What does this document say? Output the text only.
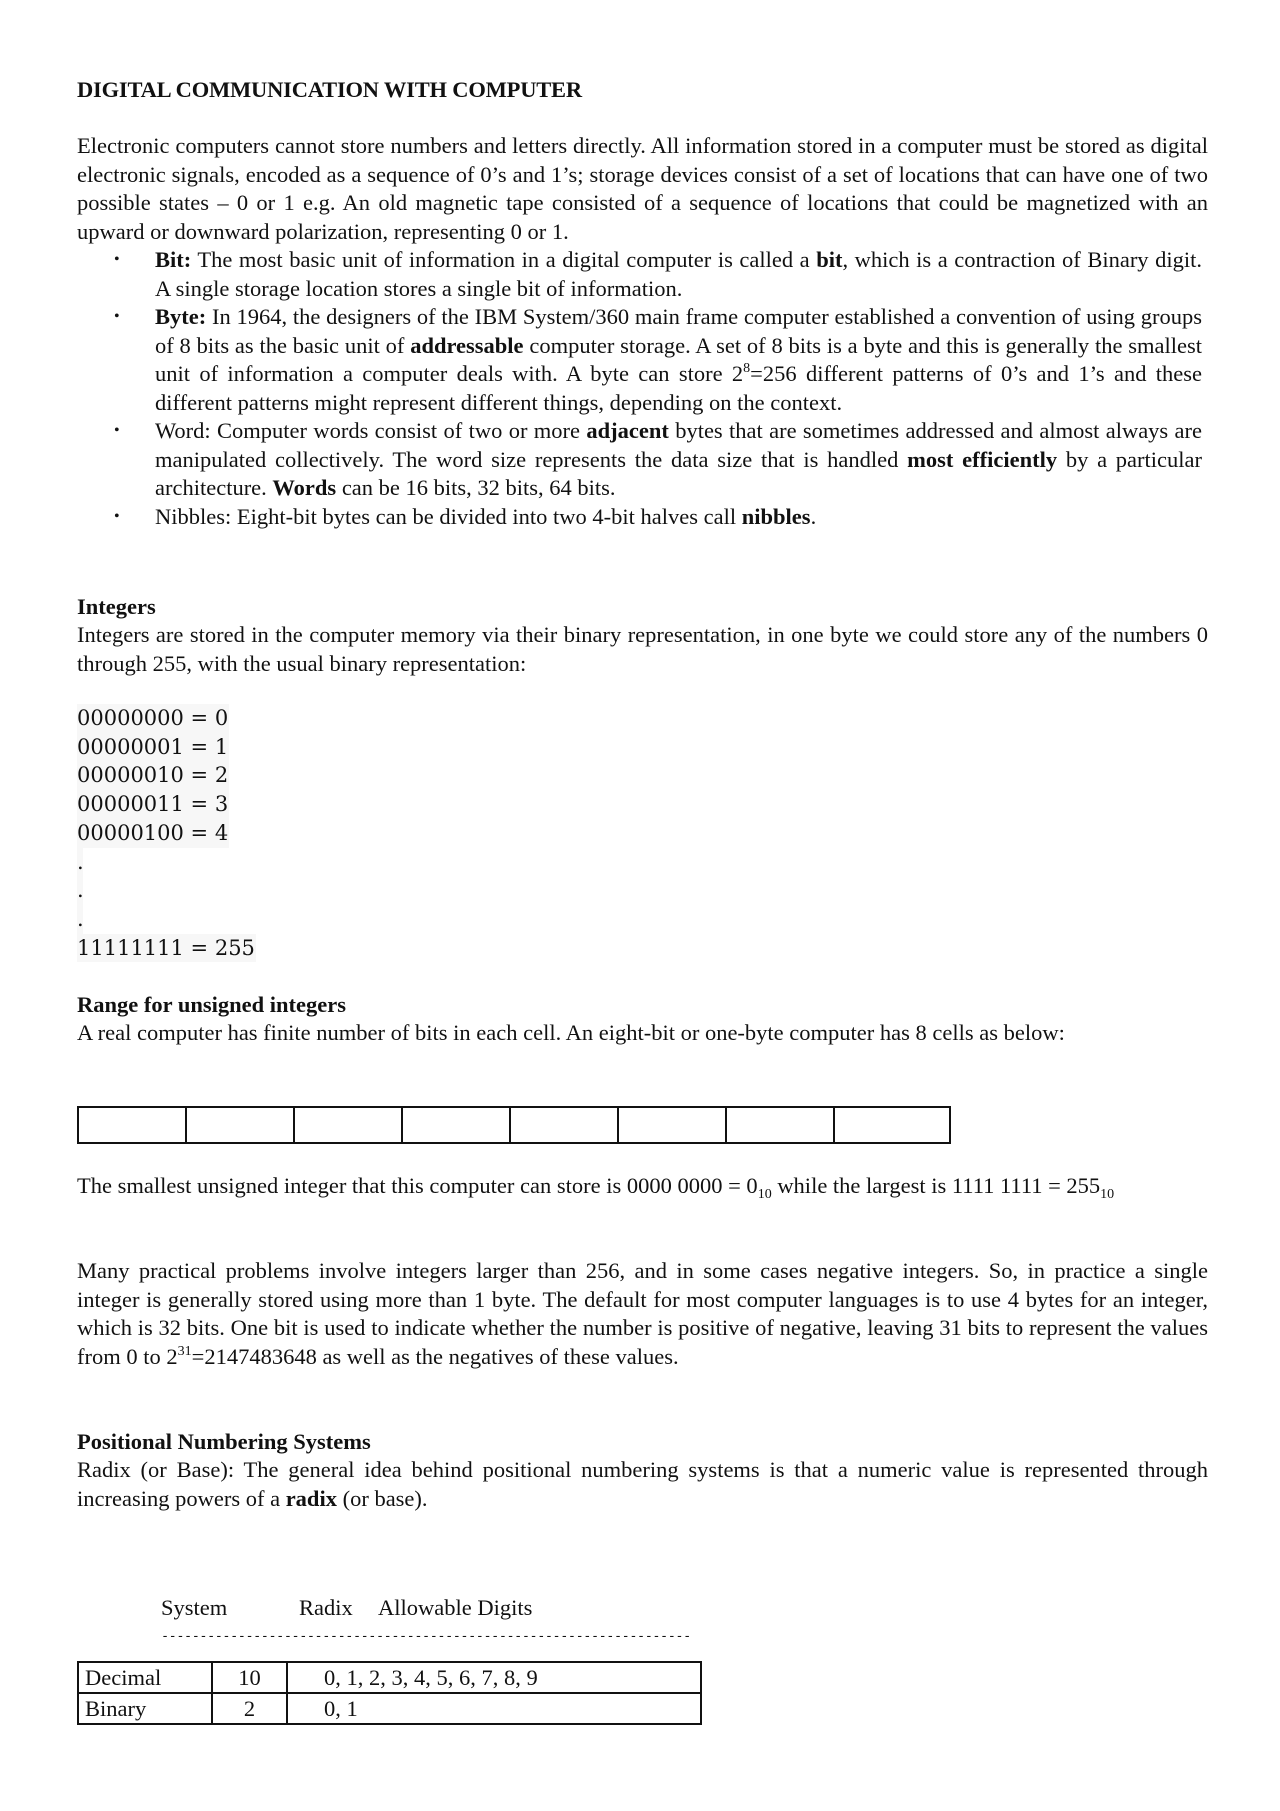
DIGITAL COMMUNICATION WITH COMPUTER

Electronic computers cannot store numbers and letters directly. All information stored in a computer must be stored as digital electronic signals, encoded as a sequence of 0’s and 1’s; storage devices consist of a set of locations that can have one of two possible states – 0 or 1 e.g. An old magnetic tape consisted of a sequence of locations that could be magnetized with an upward or downward polarization, representing 0 or 1.

• Bit: The most basic unit of information in a digital computer is called a bit, which is a contraction of Binary digit. A single storage location stores a single bit of information.
• Byte: In 1964, the designers of the IBM System/360 main frame computer established a convention of using groups of 8 bits as the basic unit of addressable computer storage. A set of 8 bits is a byte and this is generally the smallest unit of information a computer deals with. A byte can store $2^8=256$ different patterns of 0’s and 1’s and these different patterns might represent different things, depending on the context.
• Word: Computer words consist of two or more adjacent bytes that are sometimes addressed and almost always are manipulated collectively. The word size represents the data size that is handled most efficiently by a particular architecture. Words can be 16 bits, 32 bits, 64 bits.
• Nibbles: Eight-bit bytes can be divided into two 4-bit halves call nibbles.
Integers

Integers are stored in the computer memory via their binary representation, in one byte we could store any of the numbers 0 through 255, with the usual binary representation:

00000000 = 0
00000001 = 1
00000010 = 2
00000011 = 3
00000100 = 4
.
.
.
11111111 = 255
Range for unsigned integers

A real computer has finite number of bits in each cell. An eight-bit or one-byte computer has 8 cells as below:

The smallest unsigned integer that this computer can store is 0000 $0000 = 0_{10}$ while the largest is 1111 $1111 = 255_{10}$

Many practical problems involve integers larger than 256, and in some cases negative integers. So, in practice a single integer is generally stored using more than 1 byte. The default for most computer languages is to use 4 bytes for an integer, which is 32 bits. One bit is used to indicate whether the number is positive of negative, leaving 31 bits to represent the values from 0 to $2^{31}=2147483648$ as well as the negatives of these values.

Positional Numbering Systems

Radix (or Base): The general idea behind positional numbering systems is that a numeric value is represented through increasing powers of a radix (or base).

System	Radix Allowable Digits
---------------------------------------------------------------------
Decimal	10	0, 1, 2, 3, 4, 5, 6, 7, 8, 9
Binary	2	0, 1
